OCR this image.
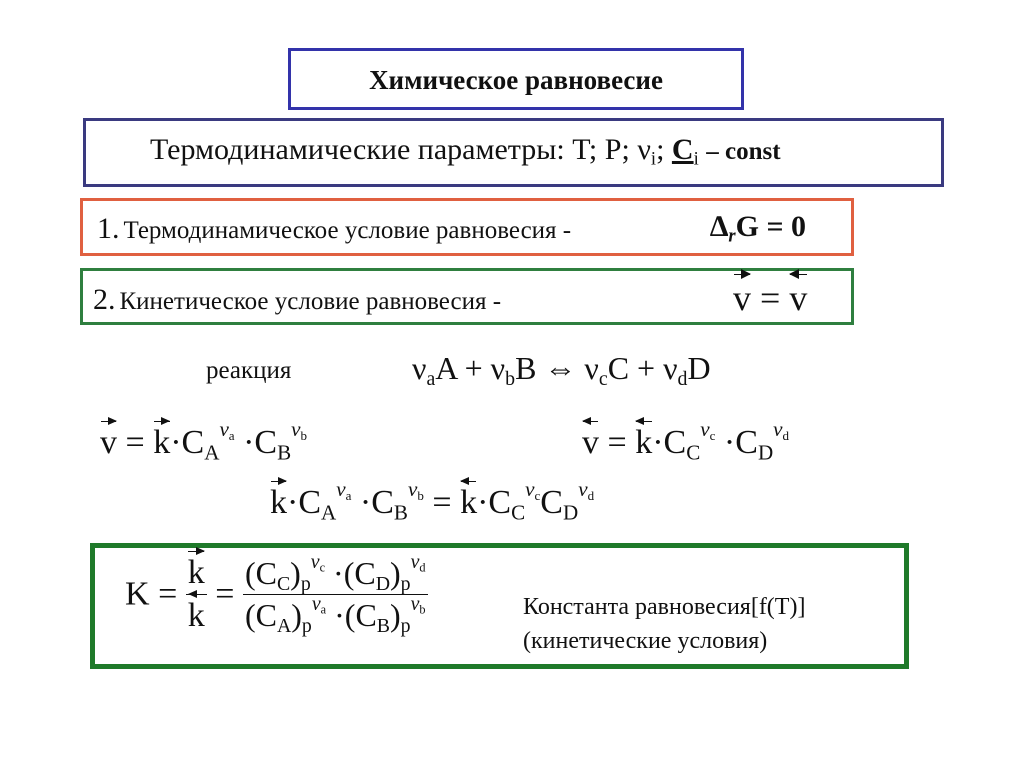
Химическое равновесие
Термодинамические параметры: T; P; $\nu_i$; $C_i$ – const
1. Термодинамическое условие равновесия -	$\Delta_rG = 0$
2. Кинетическое условие равновесия -	v = v
реакция	$\nu_aA + \nu_bB$ ⇔ $\nu_cC + \nu_dD$
$v = k\cdot C_A^{\nu_a} \cdot C_B^{\nu_b}$	$v = k\cdot C_C^{\nu_c} \cdot C_D^{\nu_d}$
$k\cdot C_A^{\nu_a} \cdot C_B^{\nu_b} = k\cdot C_C^{\nu_c}C_D^{\nu_d}$
$K = \frac{k}{k} = \frac{(C_C)_p^{\nu_c} \cdot(C_D)_p^{\nu_d}}{(C_A)_p^{\nu_a} \cdot(C_B)_p^{\nu_b}}$	Константа равновесия[f(T)]
(кинетические условия)
